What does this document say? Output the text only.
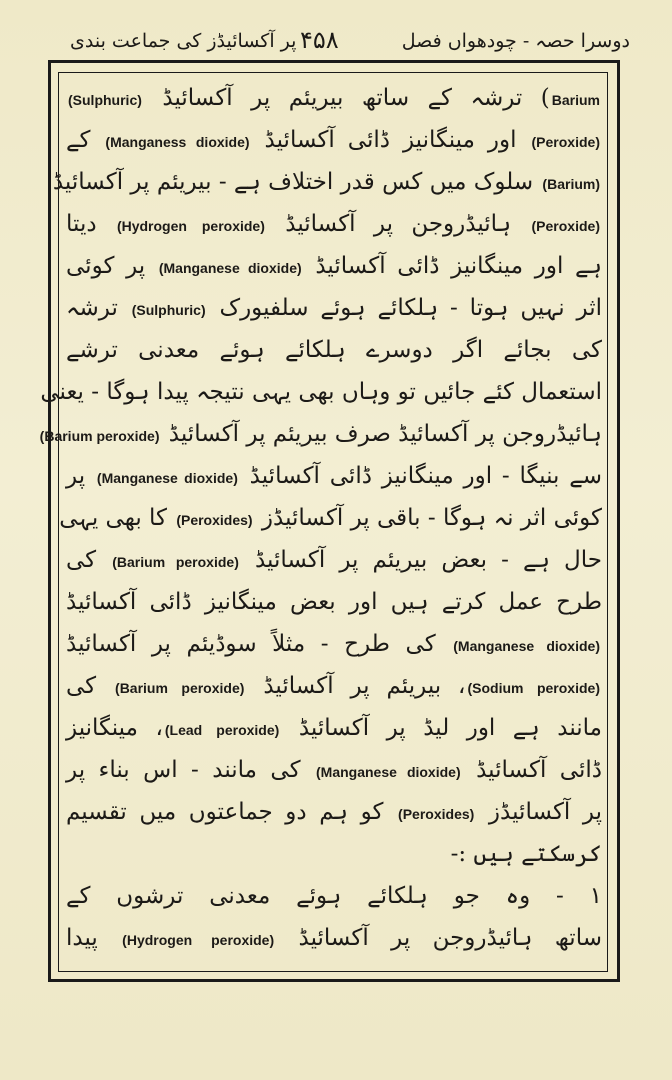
پر آکسائیڈز کی جماعت بندی ۴۵۸	دوسرا حصہ - چودھواں فصل
Barium) ترشہ کے ساتھ بیریئم پر آکسائیڈ (Sulphuric)
(Peroxide) اور مینگانیز ڈائی آکسائیڈ (Manganess dioxide) کے
(Barium) سلوک میں کس قدر اختلاف ہے - بیریئم پر آکسائیڈ
(Peroxide) ہائیڈروجن پر آکسائیڈ (Hydrogen peroxide) دیتا
ہے اور مینگانیز ڈائی آکسائیڈ (Manganese dioxide) پر کوئی
اثر نہیں ہوتا - ہلکائے ہوئے سلفیورک (Sulphuric) ترشہ
کی بجائے اگر دوسرے ہلکائے ہوئے معدنی ترشے
استعمال کئے جائیں تو وہاں بھی یہی نتیجہ پیدا ہوگا - یعنی
ہائیڈروجن پر آکسائیڈ صرف بیریئم پر آکسائیڈ (Barium peroxide)
سے بنیگا - اور مینگانیز ڈائی آکسائیڈ (Manganese dioxide) پر
کوئی اثر نہ ہوگا - باقی پر آکسائیڈز (Peroxides) کا بھی یہی
حال ہے - بعض بیریئم پر آکسائیڈ (Barium peroxide) کی
طرح عمل کرتے ہیں اور بعض مینگانیز ڈائی آکسائیڈ
(Manganese dioxide) کی طرح - مثلاً سوڈیئم پر آکسائیڈ
(Sodium peroxide)، بیریئم پر آکسائیڈ (Barium peroxide) کی
مانند ہے اور لیڈ پر آکسائیڈ (Lead peroxide)، مینگانیز
ڈائی آکسائیڈ (Manganese dioxide) کی مانند - اس بناء پر
پر آکسائیڈز (Peroxides) کو ہم دو جماعتوں میں تقسیم
کرسکتے ہیں :-
۱ - وہ جو ہلکائے ہوئے معدنی ترشوں کے
ساتھ ہائیڈروجن پر آکسائیڈ (Hydrogen peroxide) پیدا
